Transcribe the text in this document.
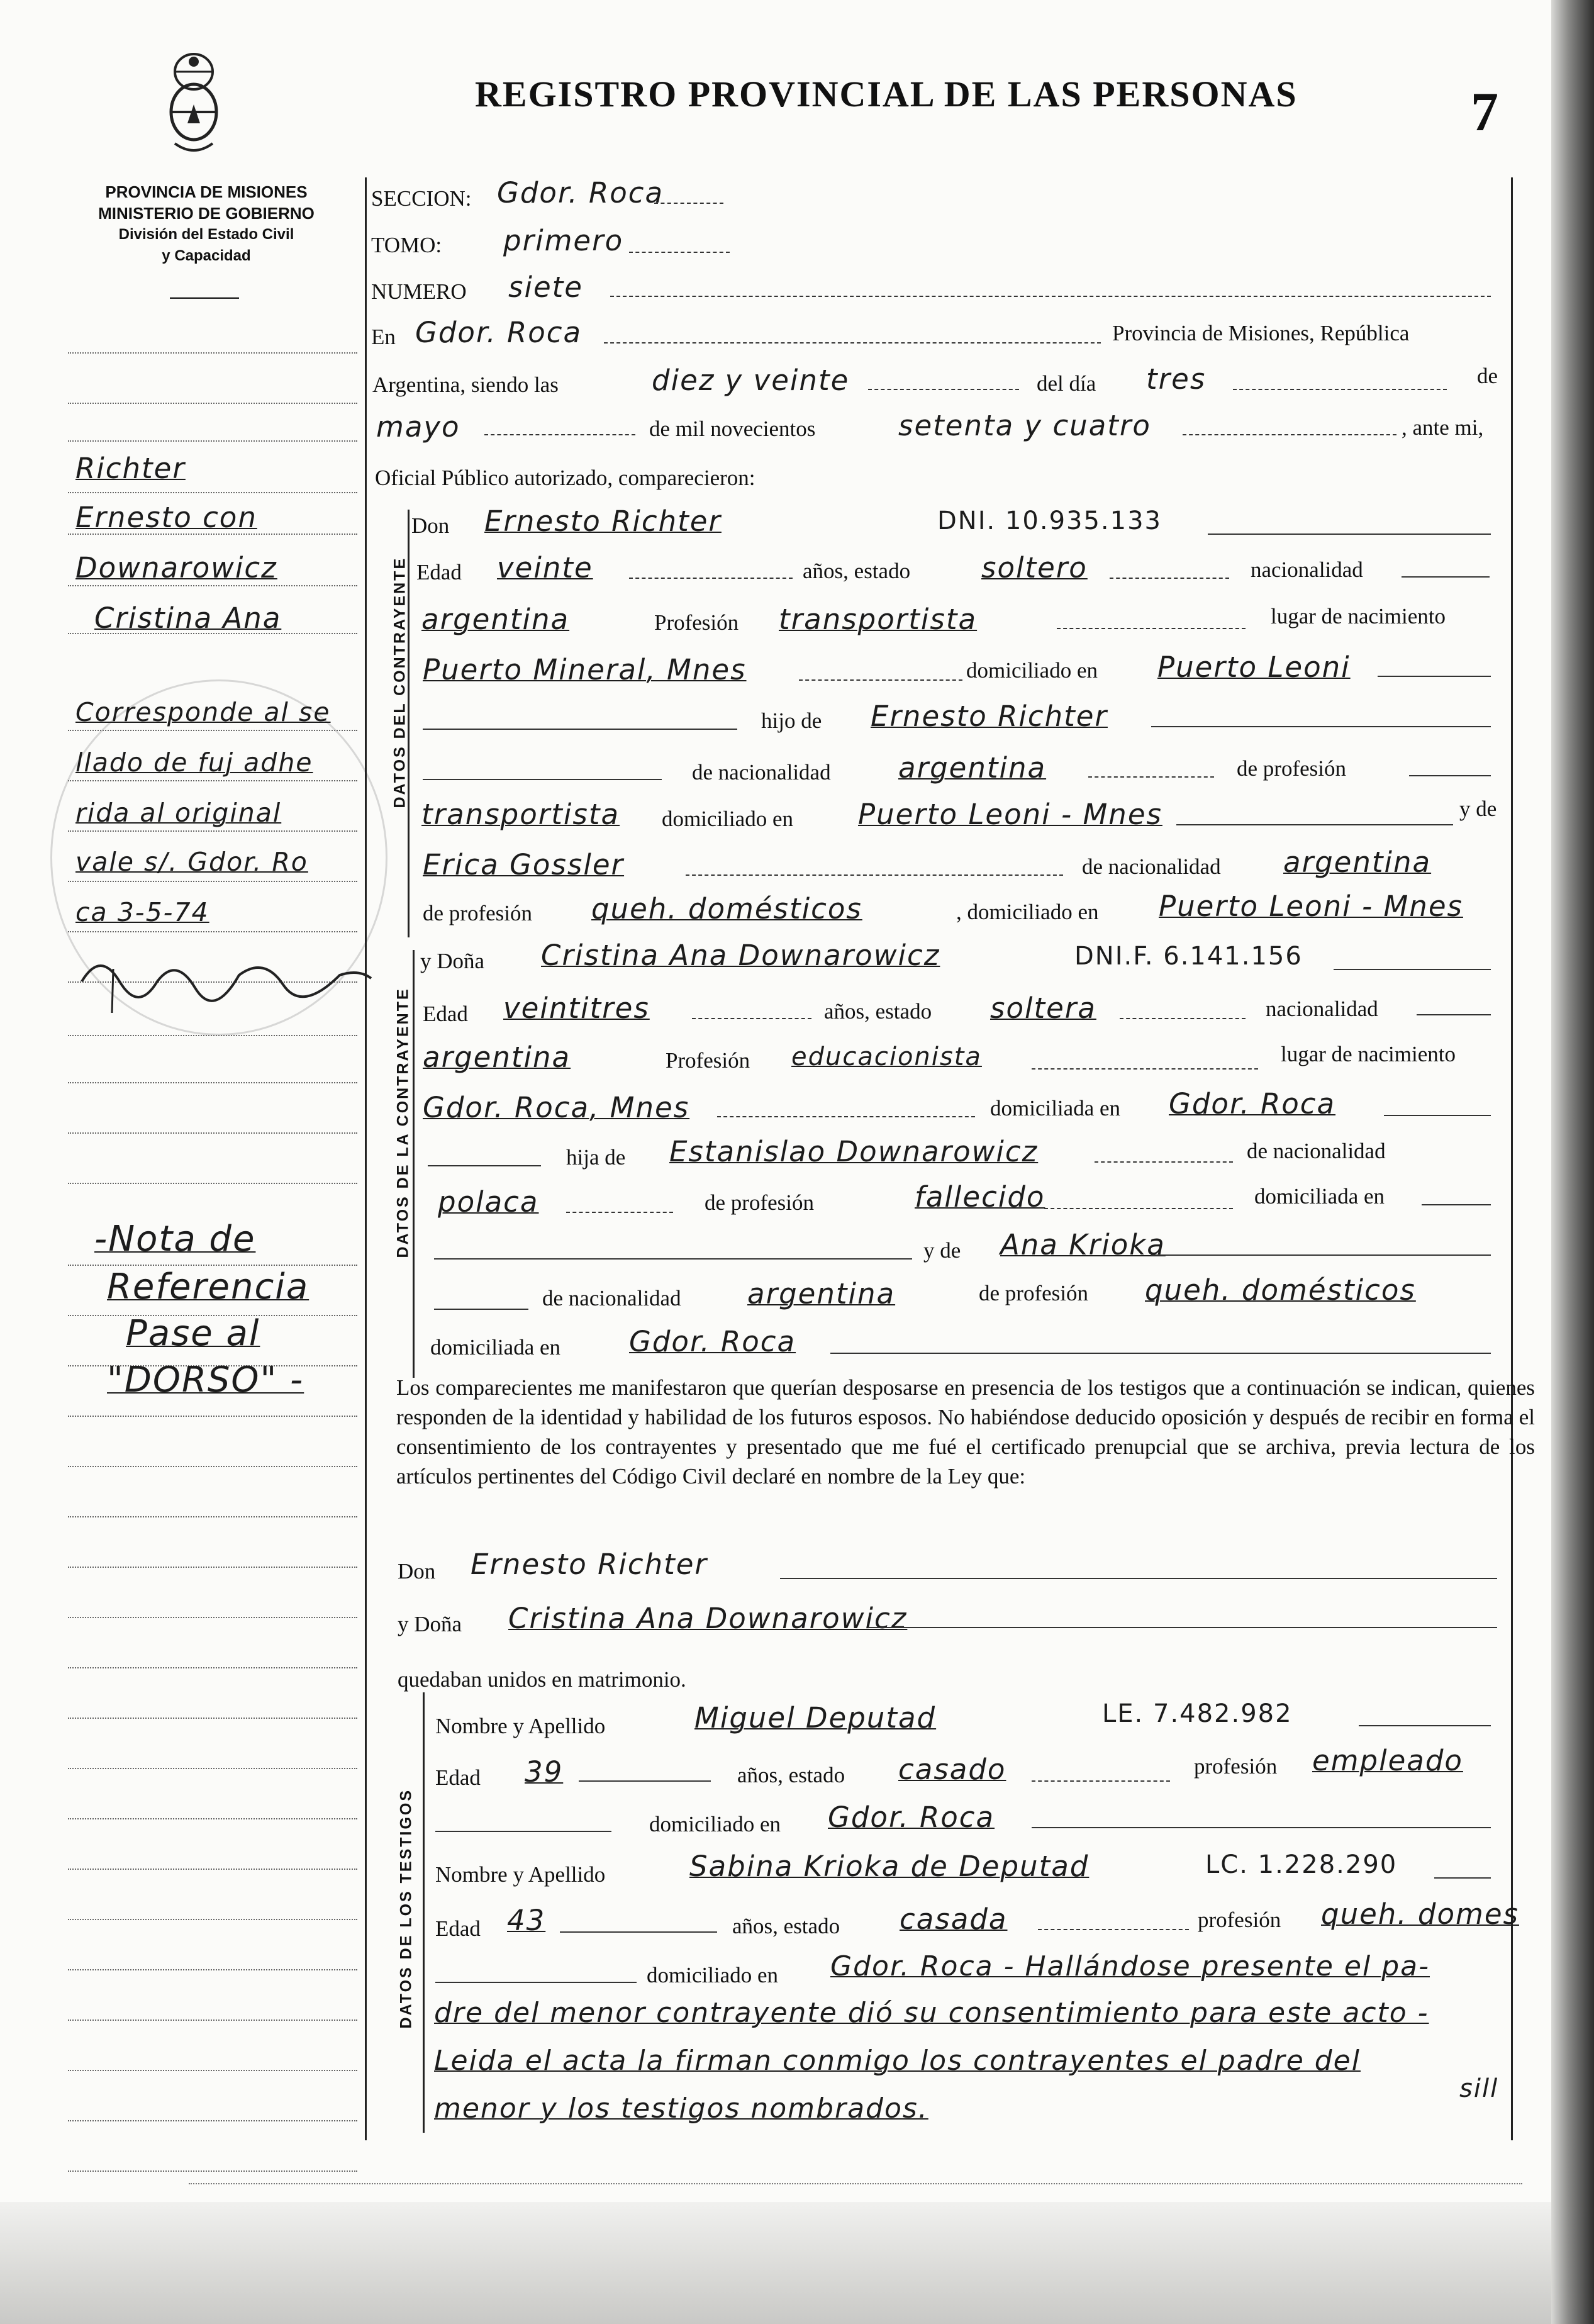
REGISTRO PROVINCIAL DE LAS PERSONAS	7
PROVINCIA DE MISIONES
MINISTERIO DE GOBIERNO
División del Estado Civil
y Capacidad
Richter
Ernesto con
Downarowicz
Cristina Ana
Corresponde al se
llado de fuj adhe
rida al original
vale s/. Gdor. Ro
ca 3-5-74
-Nota de
Referencia
Pase al
"DORSO" -
DATOS DEL CONTRAYENTE
DATOS DE LA CONTRAYENTE
DATOS DE LOS TESTIGOS
SECCION: Gdor. Roca
TOMO: primero
NUMERO siete
En Gdor. Roca	Provincia de Misiones, República
Argentina, siendo las	diez y veinte	del día tres	de
mayo	de mil novecientos	setenta y cuatro	, ante mi,
Oficial Público autorizado, comparecieron:
Don Ernesto Richter	DNI. 10.935.133
Edad veinte	años, estado	soltero	nacionalidad
argentina	Profesión transportista	lugar de nacimiento
Puerto Mineral, Mnes	domiciliado en Puerto Leoni
hijo de Ernesto Richter
de nacionalidad argentina	de profesión
transportista domiciliado en Puerto Leoni - Mnes	y de
Erica Gossler	de nacionalidad argentina
de profesión queh. domésticos	, domiciliado en Puerto Leoni - Mnes
y Doña Cristina Ana Downarowicz	DNI.F. 6.141.156
Edad veintitres	años, estado soltera	nacionalidad
argentina	Profesión educacionista	lugar de nacimiento
Gdor. Roca, Mnes	domiciliada en Gdor. Roca
hija de Estanislao Downarowicz	de nacionalidad
polaca	de profesión	fallecido	domiciliada en
y de Ana Krioka
de nacionalidad argentina	de profesión queh. domésticos
domiciliada en Gdor. Roca
Los comparecientes me manifestaron que querían desposarse en presencia de los testigos que a continuación se indican, quienes responden de la identidad y habilidad de los futuros esposos. No habiéndose deducido oposición y después de recibir en forma el consentimiento de los contrayentes y presentado que me fué el certificado prenupcial que se archiva, previa lectura de los artículos pertinentes del Código Civil declaré en nombre de la Ley que:
Don Ernesto Richter
y Doña Cristina Ana Downarowicz
quedaban unidos en matrimonio.
Nombre y Apellido	Miguel Deputad	LE. 7.482.982
Edad 39	años, estado casado	profesión empleado
domiciliado en Gdor. Roca
Nombre y Apellido	Sabina Krioka de Deputad	LC. 1.228.290
Edad 43	años, estado casada	profesión queh. domes
domiciliado en Gdor. Roca - Hallándose presente el pa-
dre del menor contrayente dió su consentimiento para este acto -
Leida el acta la firman conmigo los contrayentes el padre del
menor y los testigos nombrados.
sill
